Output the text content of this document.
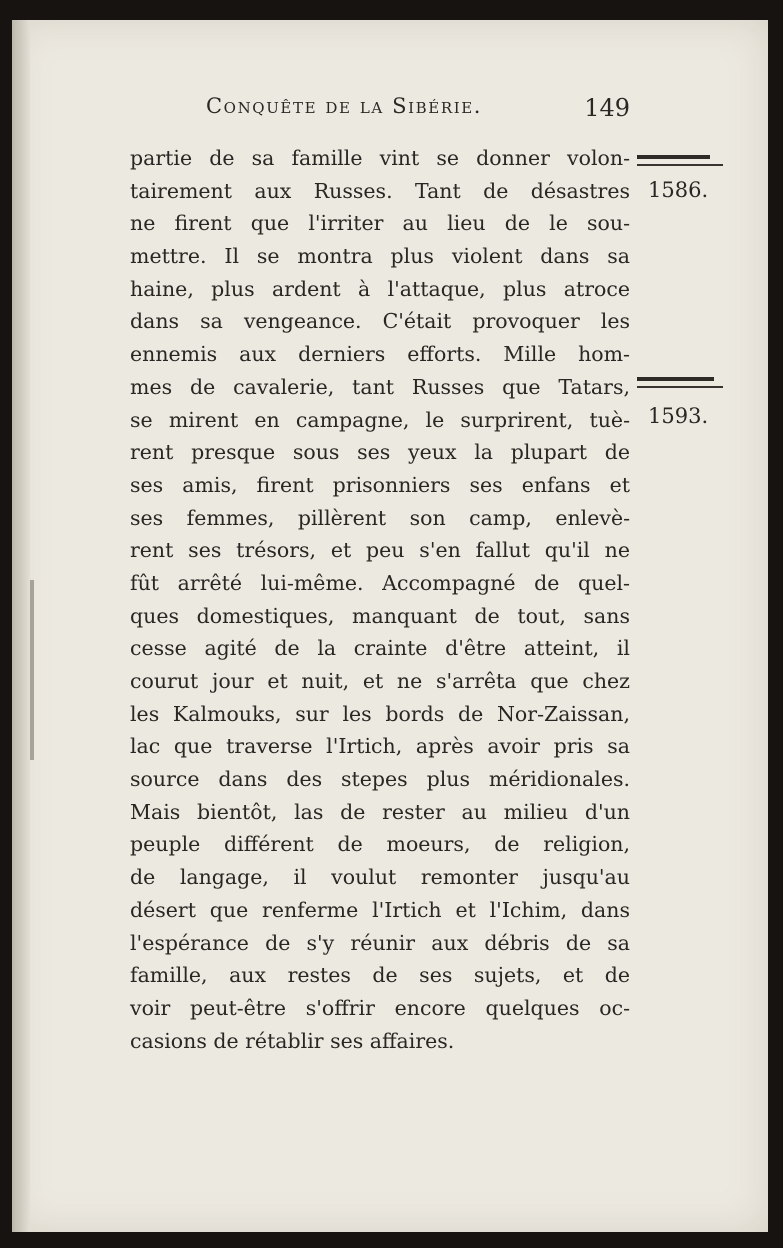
Conquête de la Sibérie.	149
1586.
1593.
partie de sa famille vint se donner volon-
tairement aux Russes. Tant de désastres
ne firent que l'irriter au lieu de le sou-
mettre. Il se montra plus violent dans sa
haine, plus ardent à l'attaque, plus atroce
dans sa vengeance. C'était provoquer les
ennemis aux derniers efforts. Mille hom-
mes de cavalerie, tant Russes que Tatars,
se mirent en campagne, le surprirent, tuè-
rent presque sous ses yeux la plupart de
ses amis, firent prisonniers ses enfans et
ses femmes, pillèrent son camp, enlevè-
rent ses trésors, et peu s'en fallut qu'il ne
fût arrêté lui-même. Accompagné de quel-
ques domestiques, manquant de tout, sans
cesse agité de la crainte d'être atteint, il
courut jour et nuit, et ne s'arrêta que chez
les Kalmouks, sur les bords de Nor-Zaissan,
lac que traverse l'Irtich, après avoir pris sa
source dans des stepes plus méridionales.
Mais bientôt, las de rester au milieu d'un
peuple différent de moeurs, de religion,
de langage, il voulut remonter jusqu'au
désert que renferme l'Irtich et l'Ichim, dans
l'espérance de s'y réunir aux débris de sa
famille, aux restes de ses sujets, et de
voir peut-être s'offrir encore quelques oc-
casions de rétablir ses affaires.
